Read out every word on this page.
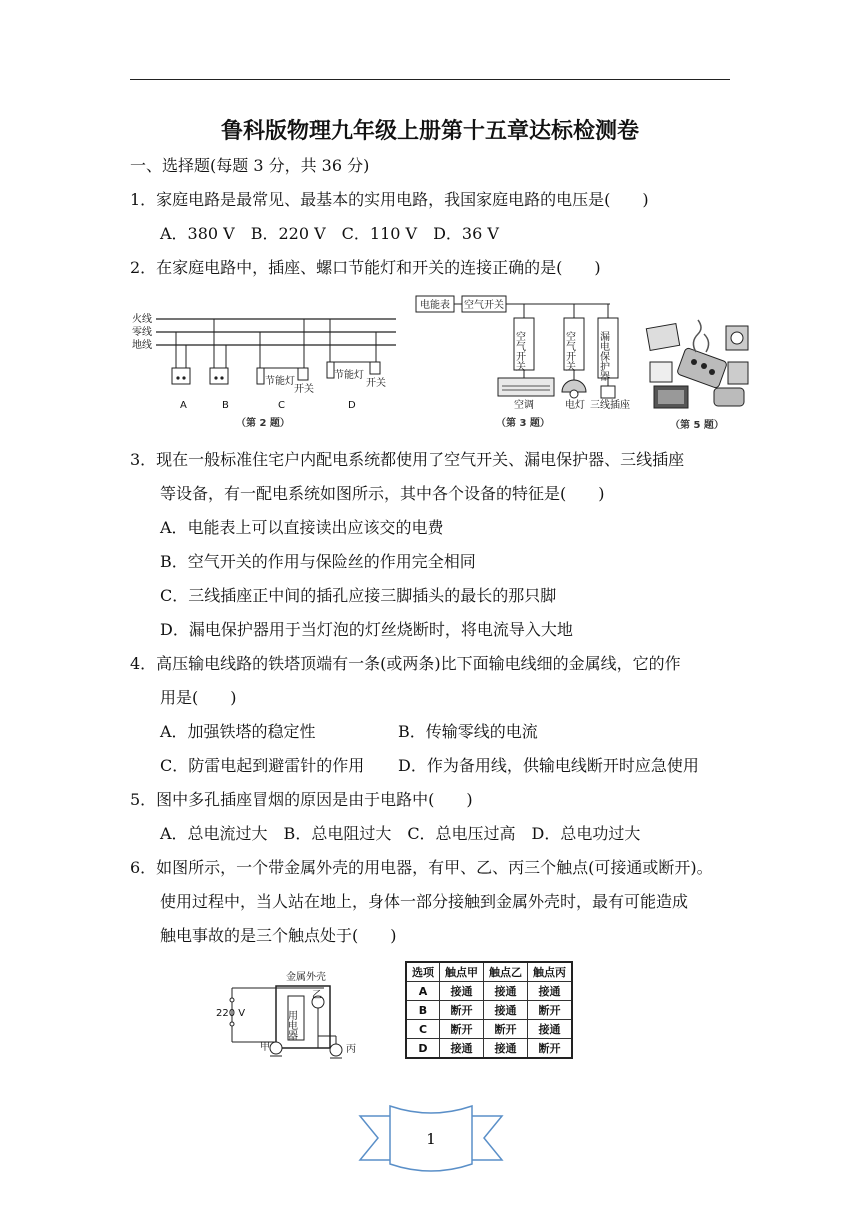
鲁科版物理九年级上册第十五章达标检测卷
一、选择题(每题 3 分，共 36 分)
1．家庭电路是最常见、最基本的实用电路，我国家庭电路的电压是(　　)
A．380 V　B．220 V　C．110 V　D．36 V
2．在家庭电路中，插座、螺口节能灯和开关的连接正确的是(　　)
火线
零线
地线
节能灯
开关
节能灯
开关
A	B	C	D
（第 2 题）
电能表 空气开关
空气开关	空气开关 漏电保护器
空调	电灯 三线插座
（第 3 题）	（第 5 题）
3．现在一般标准住宅户内配电系统都使用了空气开关、漏电保护器、三线插座
等设备，有一配电系统如图所示，其中各个设备的特征是(　　)
A．电能表上可以直接读出应该交的电费
B．空气开关的作用与保险丝的作用完全相同
C．三线插座正中间的插孔应接三脚插头的最长的那只脚
D．漏电保护器用于当灯泡的灯丝烧断时，将电流导入大地
4．高压输电线路的铁塔顶端有一条(或两条)比下面输电线细的金属线，它的作
用是(　　)
A．加强铁塔的稳定性	B．传输零线的电流
C．防雷电起到避雷针的作用 D．作为备用线，供输电线断开时应急使用
5．图中多孔插座冒烟的原因是由于电路中(　　)
A．总电流过大　B．总电阻过大　C．总电压过高　D．总电功过大
6．如图所示，一个带金属外壳的用电器，有甲、乙、丙三个触点(可接通或断开)。
使用过程中，当人站在地上，身体一部分接触到金属外壳时，最有可能造成
触电事故的是三个触点处于(　　)
金属外壳
220 V	用电器
乙
甲	丙
选项	触点甲	触点乙	触点丙
A	接通	接通	接通
B	断开	接通	断开
C	断开	断开	接通
D	接通	接通	断开
1
